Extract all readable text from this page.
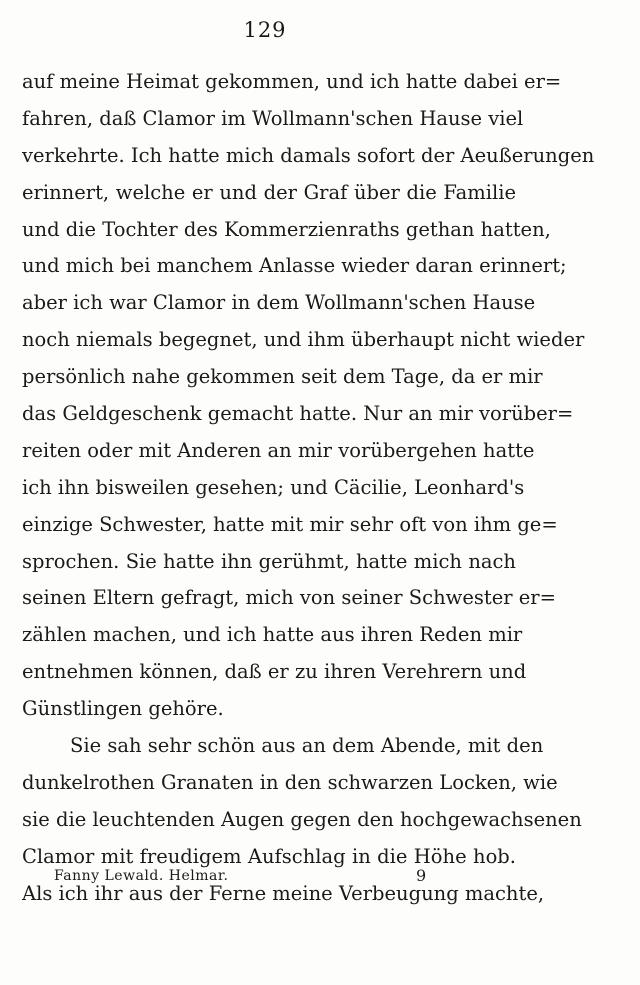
129
auf meine Heimat gekommen, und ich hatte dabei er=
fahren, daß Clamor im Wollmann'schen Hause viel
verkehrte. Ich hatte mich damals sofort der Aeußerungen
erinnert, welche er und der Graf über die Familie
und die Tochter des Kommerzienraths gethan hatten,
und mich bei manchem Anlasse wieder daran erinnert;
aber ich war Clamor in dem Wollmann'schen Hause
noch niemals begegnet, und ihm überhaupt nicht wieder
persönlich nahe gekommen seit dem Tage, da er mir
das Geldgeschenk gemacht hatte. Nur an mir vorüber=
reiten oder mit Anderen an mir vorübergehen hatte
ich ihn bisweilen gesehen; und Cäcilie, Leonhard's
einzige Schwester, hatte mit mir sehr oft von ihm ge=
sprochen. Sie hatte ihn gerühmt, hatte mich nach
seinen Eltern gefragt, mich von seiner Schwester er=
zählen machen, und ich hatte aus ihren Reden mir
entnehmen können, daß er zu ihren Verehrern und
Günstlingen gehöre.
Sie sah sehr schön aus an dem Abende, mit den
dunkelrothen Granaten in den schwarzen Locken, wie
sie die leuchtenden Augen gegen den hochgewachsenen
Clamor mit freudigem Aufschlag in die Höhe hob.
Als ich ihr aus der Ferne meine Verbeugung machte,
Fanny Lewald. Helmar.	9
